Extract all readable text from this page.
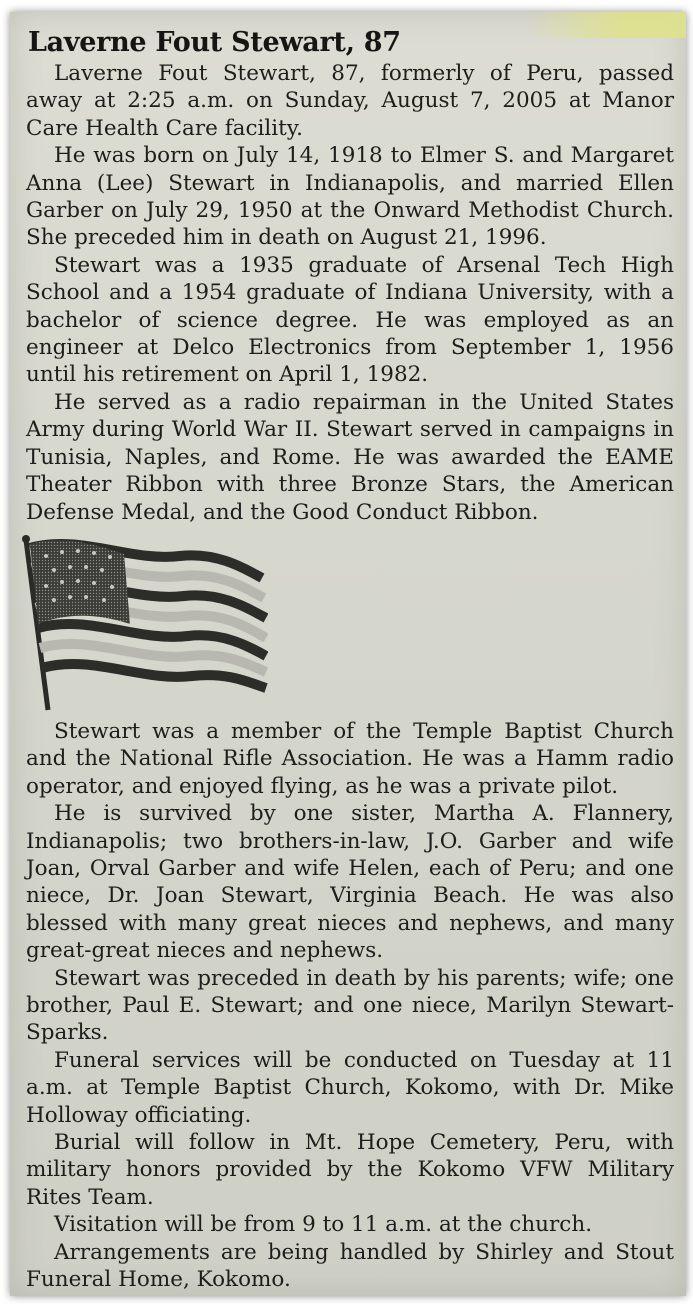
Laverne Fout Stewart, 87

Laverne Fout Stewart, 87, formerly of Peru, passed away at 2:25 a.m. on Sunday, August 7, 2005 at Manor Care Health Care facility.

He was born on July 14, 1918 to Elmer S. and Margaret Anna (Lee) Stewart in Indianapolis, and married Ellen Garber on July 29, 1950 at the Onward Methodist Church. She preceded him in death on August 21, 1996.

Stewart was a 1935 graduate of Arsenal Tech High School and a 1954 graduate of Indiana University, with a bachelor of science degree. He was employed as an engineer at Delco Electronics from September 1, 1956 until his retirement on April 1, 1982.

He served as a radio repairman in the United States Army during World War II. Stewart served in campaigns in Tunisia, Naples, and Rome. He was awarded the EAME Theater Ribbon with three Bronze Stars, the American Defense Medal, and the Good Conduct Ribbon.

Stewart was a member of the Temple Baptist Church and the National Rifle Association. He was a Hamm radio operator, and enjoyed flying, as he was a private pilot.

He is survived by one sister, Martha A. Flannery, Indianapolis; two brothers-in-law, J.O. Garber and wife Joan, Orval Garber and wife Helen, each of Peru; and one niece, Dr. Joan Stewart, Virginia Beach. He was also blessed with many great nieces and nephews, and many great-great nieces and nephews.

Stewart was preceded in death by his parents; wife; one brother, Paul E. Stewart; and one niece, Marilyn Stewart-Sparks.

Funeral services will be conducted on Tuesday at 11 a.m. at Temple Baptist Church, Kokomo, with Dr. Mike Holloway officiating.

Burial will follow in Mt. Hope Cemetery, Peru, with military honors provided by the Kokomo VFW Military Rites Team.

Visitation will be from 9 to 11 a.m. at the church.

Arrangements are being handled by Shirley and Stout Funeral Home, Kokomo.
